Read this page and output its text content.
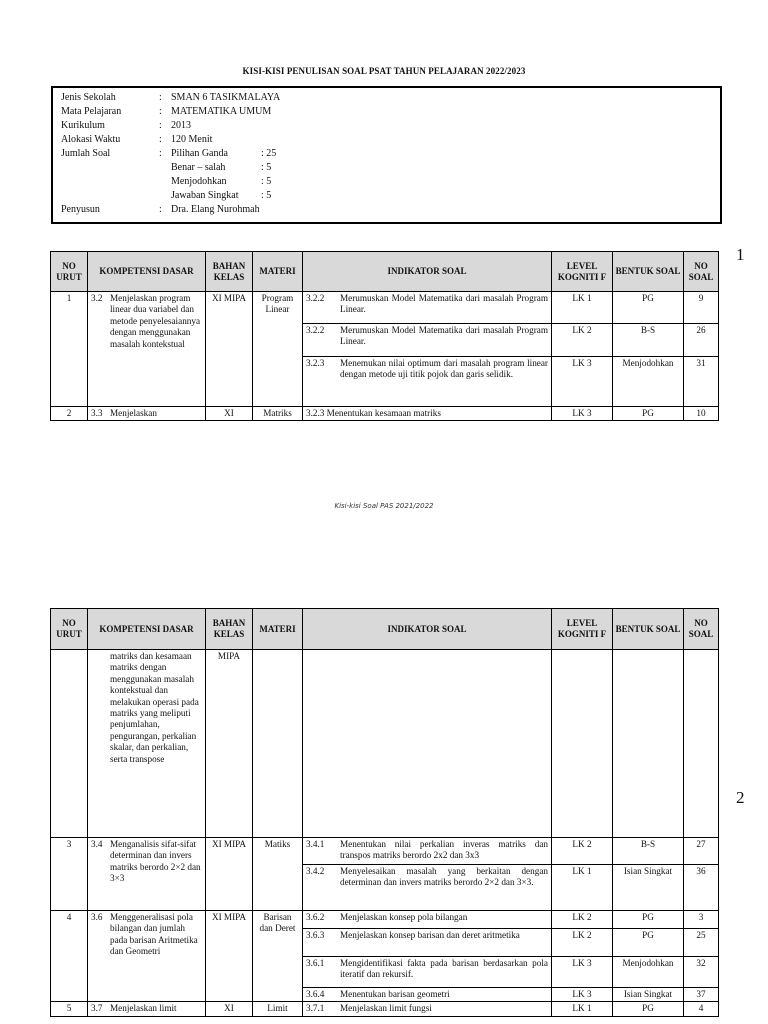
KISI-KISI PENULISAN SOAL PSAT TAHUN PELAJARAN 2022/2023
Jenis Sekolah	: SMAN 6 TASIKMALAYA
Mata Pelajaran	: MATEMATIKA UMUM
Kurikulum	: 2013
Alokasi Waktu	: 120 Menit
Jumlah Soal	: Pilihan Ganda	: 25
Benar – salah	: 5
Menjodohkan	: 5
Jawaban Singkat	: 5
Penyusun	: Dra. Elang Nurohmah
1
NO URUT	KOMPETENSI DASAR	BAHAN KELAS	MATERI	INDIKATOR SOAL	LEVEL KOGNITI F	BENTUK SOAL	NO SOAL
1	3.2 Menjelaskan program linear dua variabel dan metode penyelesaiannya dengan menggunakan masalah kontekstual	XI MIPA	Program Linear	3.2.2 Merumuskan Model Matematika dari masalah Program Linear.	LK 1	PG	9

				3.2.2 Merumuskan Model Matematika dari masalah Program Linear.	LK 2	B-S	26

				3.2.3 Menemukan nilai optimum dari masalah program linear dengan metode uji titik pojok dan garis selidik.	LK 3	Menjodohkan	31
2	3.3 Menjelaskan	XI	Matriks	3.2.3 Menentukan kesamaan matriks	LK 3	PG	10
Kisi-kisi Soal PAS 2021/2022
2
NO URUT	KOMPETENSI DASAR	BAHAN KELAS	MATERI	INDIKATOR SOAL	LEVEL KOGNITI F	BENTUK SOAL	NO SOAL

	matriks dan kesamaan matriks dengan menggunakan masalah kontekstual dan melakukan operasi pada matriks yang meliputi penjumlahan, pengurangan, perkalian skalar, dan perkalian, serta transpose	MIPA					
3	3.4 Menganalisis sifat-sifat determinan dan invers matriks berordo 2×2 dan 3×3	XI MIPA	Matiks	3.4.1 Menentukan nilai perkalian inveras matriks dan transpos matriks berordo 2x2 dan 3x3	LK 2	B-S	27

				3.4.2 Menyelesaikan masalah yang berkaitan dengan determinan dan invers matriks berordo 2×2 dan 3×3.	LK 1	Isian Singkat	36
4	3.6 Menggeneralisasi pola bilangan dan jumlah pada barisan Aritmetika dan Geometri	XI MIPA	Barisan dan Deret	3.6.2 Menjelaskan konsep pola bilangan	LK 2	PG	3

				3.6.3 Menjelaskan konsep barisan dan deret aritmetika	LK 2	PG	25

				3.6.1 Mengidentifikasi fakta pada barisan berdasarkan pola iteratif dan rekursif.	LK 3	Menjodohkan	32

				3.6.4 Menentukan barisan geometri	LK 3	Isian Singkat	37
5	3.7 Menjelaskan limit	XI	Limit	3.7.1 Menjelaskan limit fungsi	LK 1	PG	4
